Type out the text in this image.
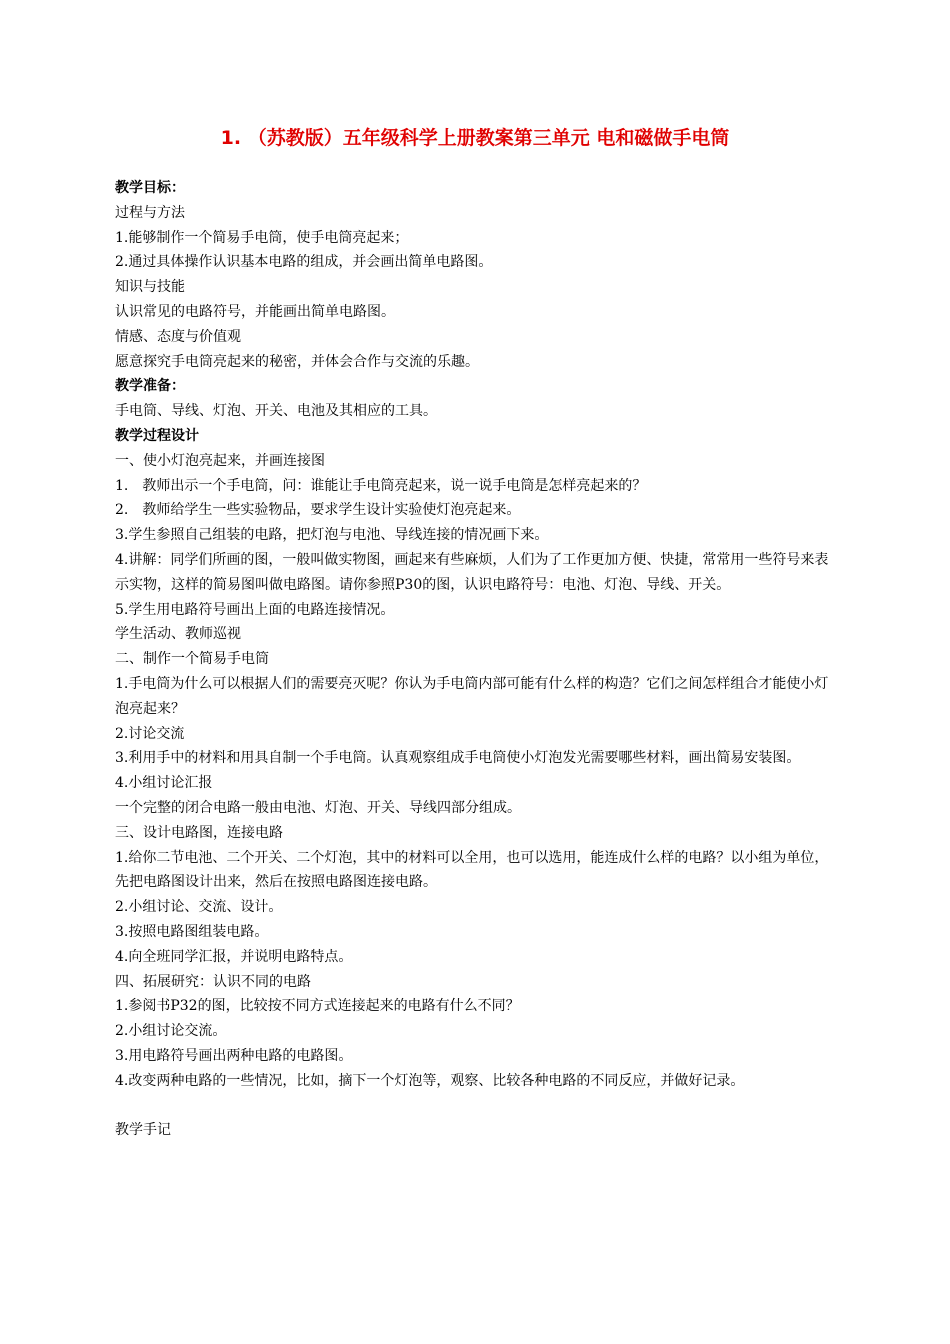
1. （苏教版）五年级科学上册教案第三单元 电和磁做手电筒

教学目标：

过程与方法

1.能够制作一个简易手电筒，使手电筒亮起来；

2.通过具体操作认识基本电路的组成，并会画出简单电路图。

知识与技能

认识常见的电路符号，并能画出简单电路图。

情感、态度与价值观

愿意探究手电筒亮起来的秘密，并体会合作与交流的乐趣。

教学准备：

手电筒、导线、灯泡、开关、电池及其相应的工具。

教学过程设计

一、使小灯泡亮起来，并画连接图

1.　教师出示一个手电筒，问：谁能让手电筒亮起来，说一说手电筒是怎样亮起来的？

2.　教师给学生一些实验物品，要求学生设计实验使灯泡亮起来。

3.学生参照自己组装的电路，把灯泡与电池、导线连接的情况画下来。

4.讲解：同学们所画的图，一般叫做实物图，画起来有些麻烦，人们为了工作更加方便、快捷，常常用一些符号来表示实物，这样的简易图叫做电路图。请你参照P30的图，认识电路符号：电池、灯泡、导线、开关。

5.学生用电路符号画出上面的电路连接情况。

学生活动、教师巡视

二、制作一个简易手电筒

1.手电筒为什么可以根据人们的需要亮灭呢？你认为手电筒内部可能有什么样的构造？它们之间怎样组合才能使小灯泡亮起来？

2.讨论交流

3.利用手中的材料和用具自制一个手电筒。认真观察组成手电筒使小灯泡发光需要哪些材料，画出简易安装图。

4.小组讨论汇报

一个完整的闭合电路一般由电池、灯泡、开关、导线四部分组成。

三、设计电路图，连接电路

1.给你二节电池、二个开关、二个灯泡，其中的材料可以全用，也可以选用，能连成什么样的电路？以小组为单位，先把电路图设计出来，然后在按照电路图连接电路。

2.小组讨论、交流、设计。

3.按照电路图组装电路。

4.向全班同学汇报，并说明电路特点。

四、拓展研究：认识不同的电路

1.参阅书P32的图，比较按不同方式连接起来的电路有什么不同？

2.小组讨论交流。

3.用电路符号画出两种电路的电路图。

4.改变两种电路的一些情况，比如，摘下一个灯泡等，观察、比较各种电路的不同反应，并做好记录。

教学手记
